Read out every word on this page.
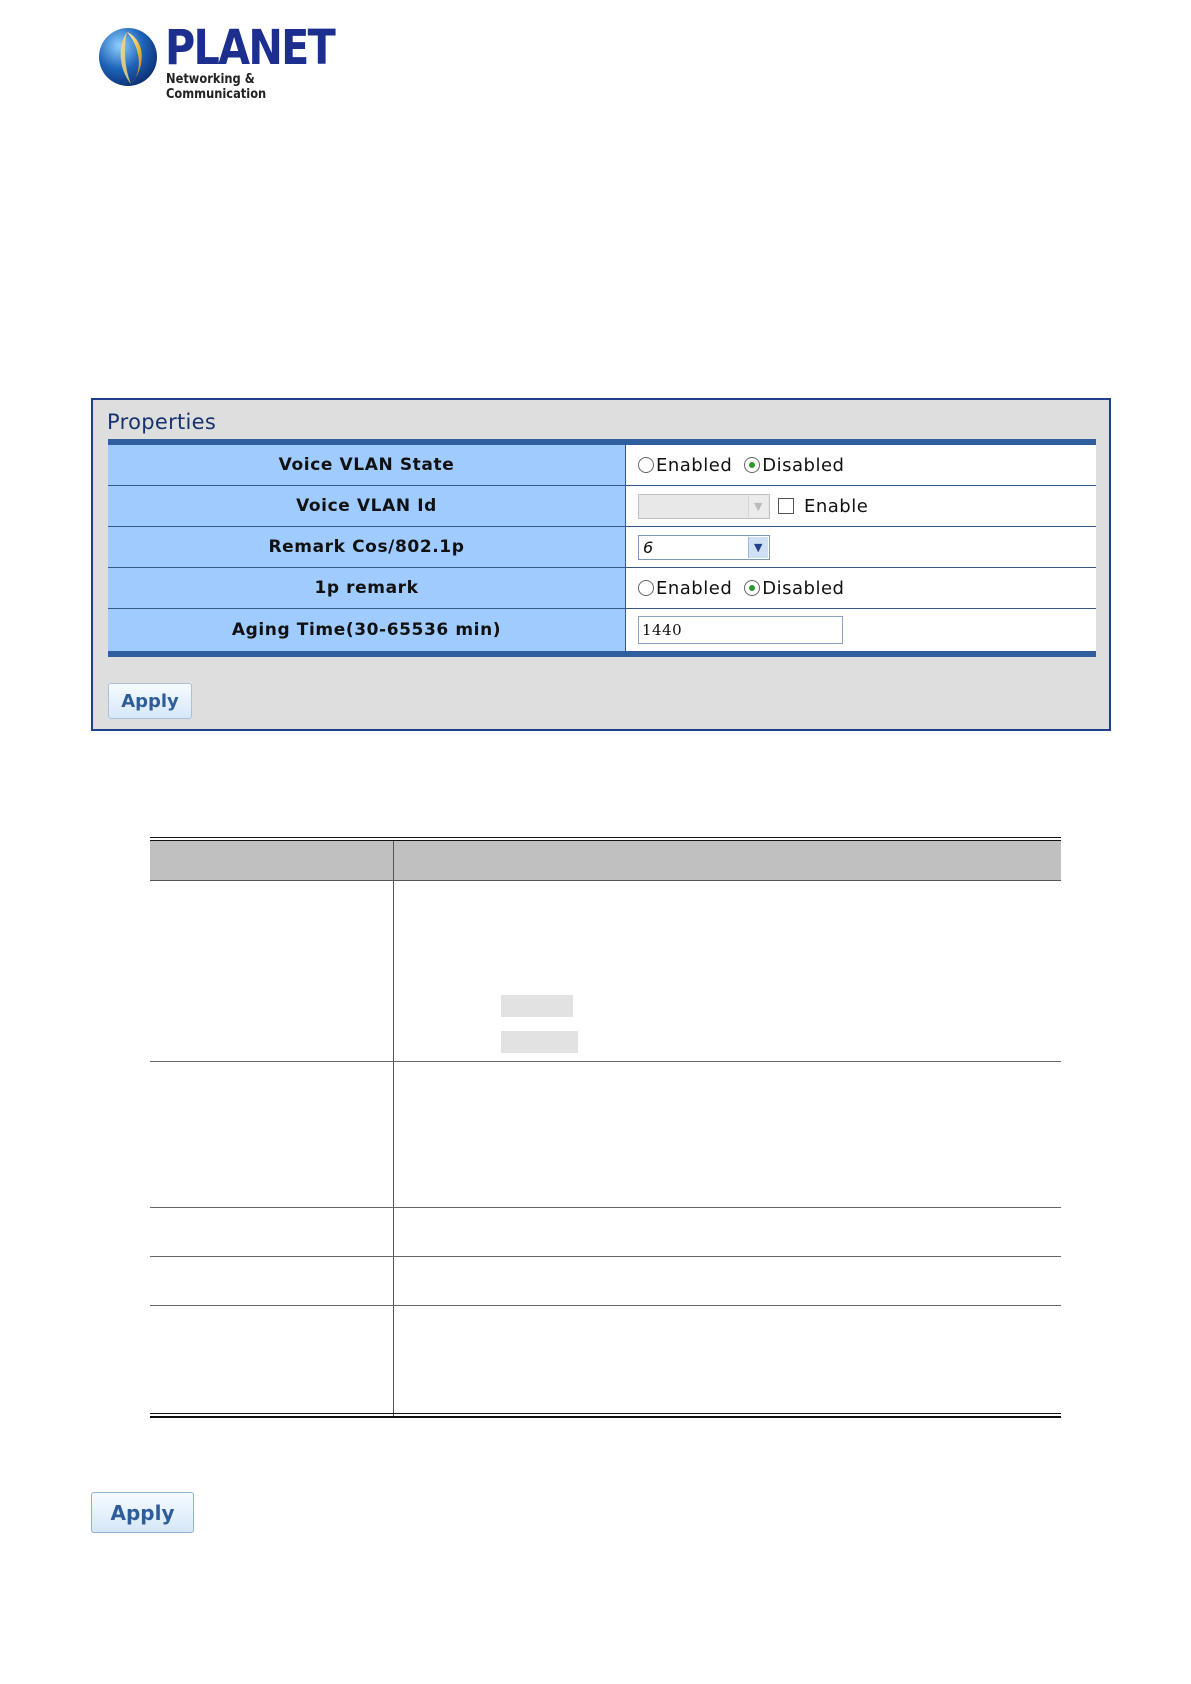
PLANET
Networking & Communication
Properties
Voice VLAN State	Enabled Disabled
Voice VLAN Id	▼ Enable
Remark Cos/802.1p	6	▼
1p remark	Enabled Disabled
Aging Time(30-65536 min)	1440
Apply
Apply
